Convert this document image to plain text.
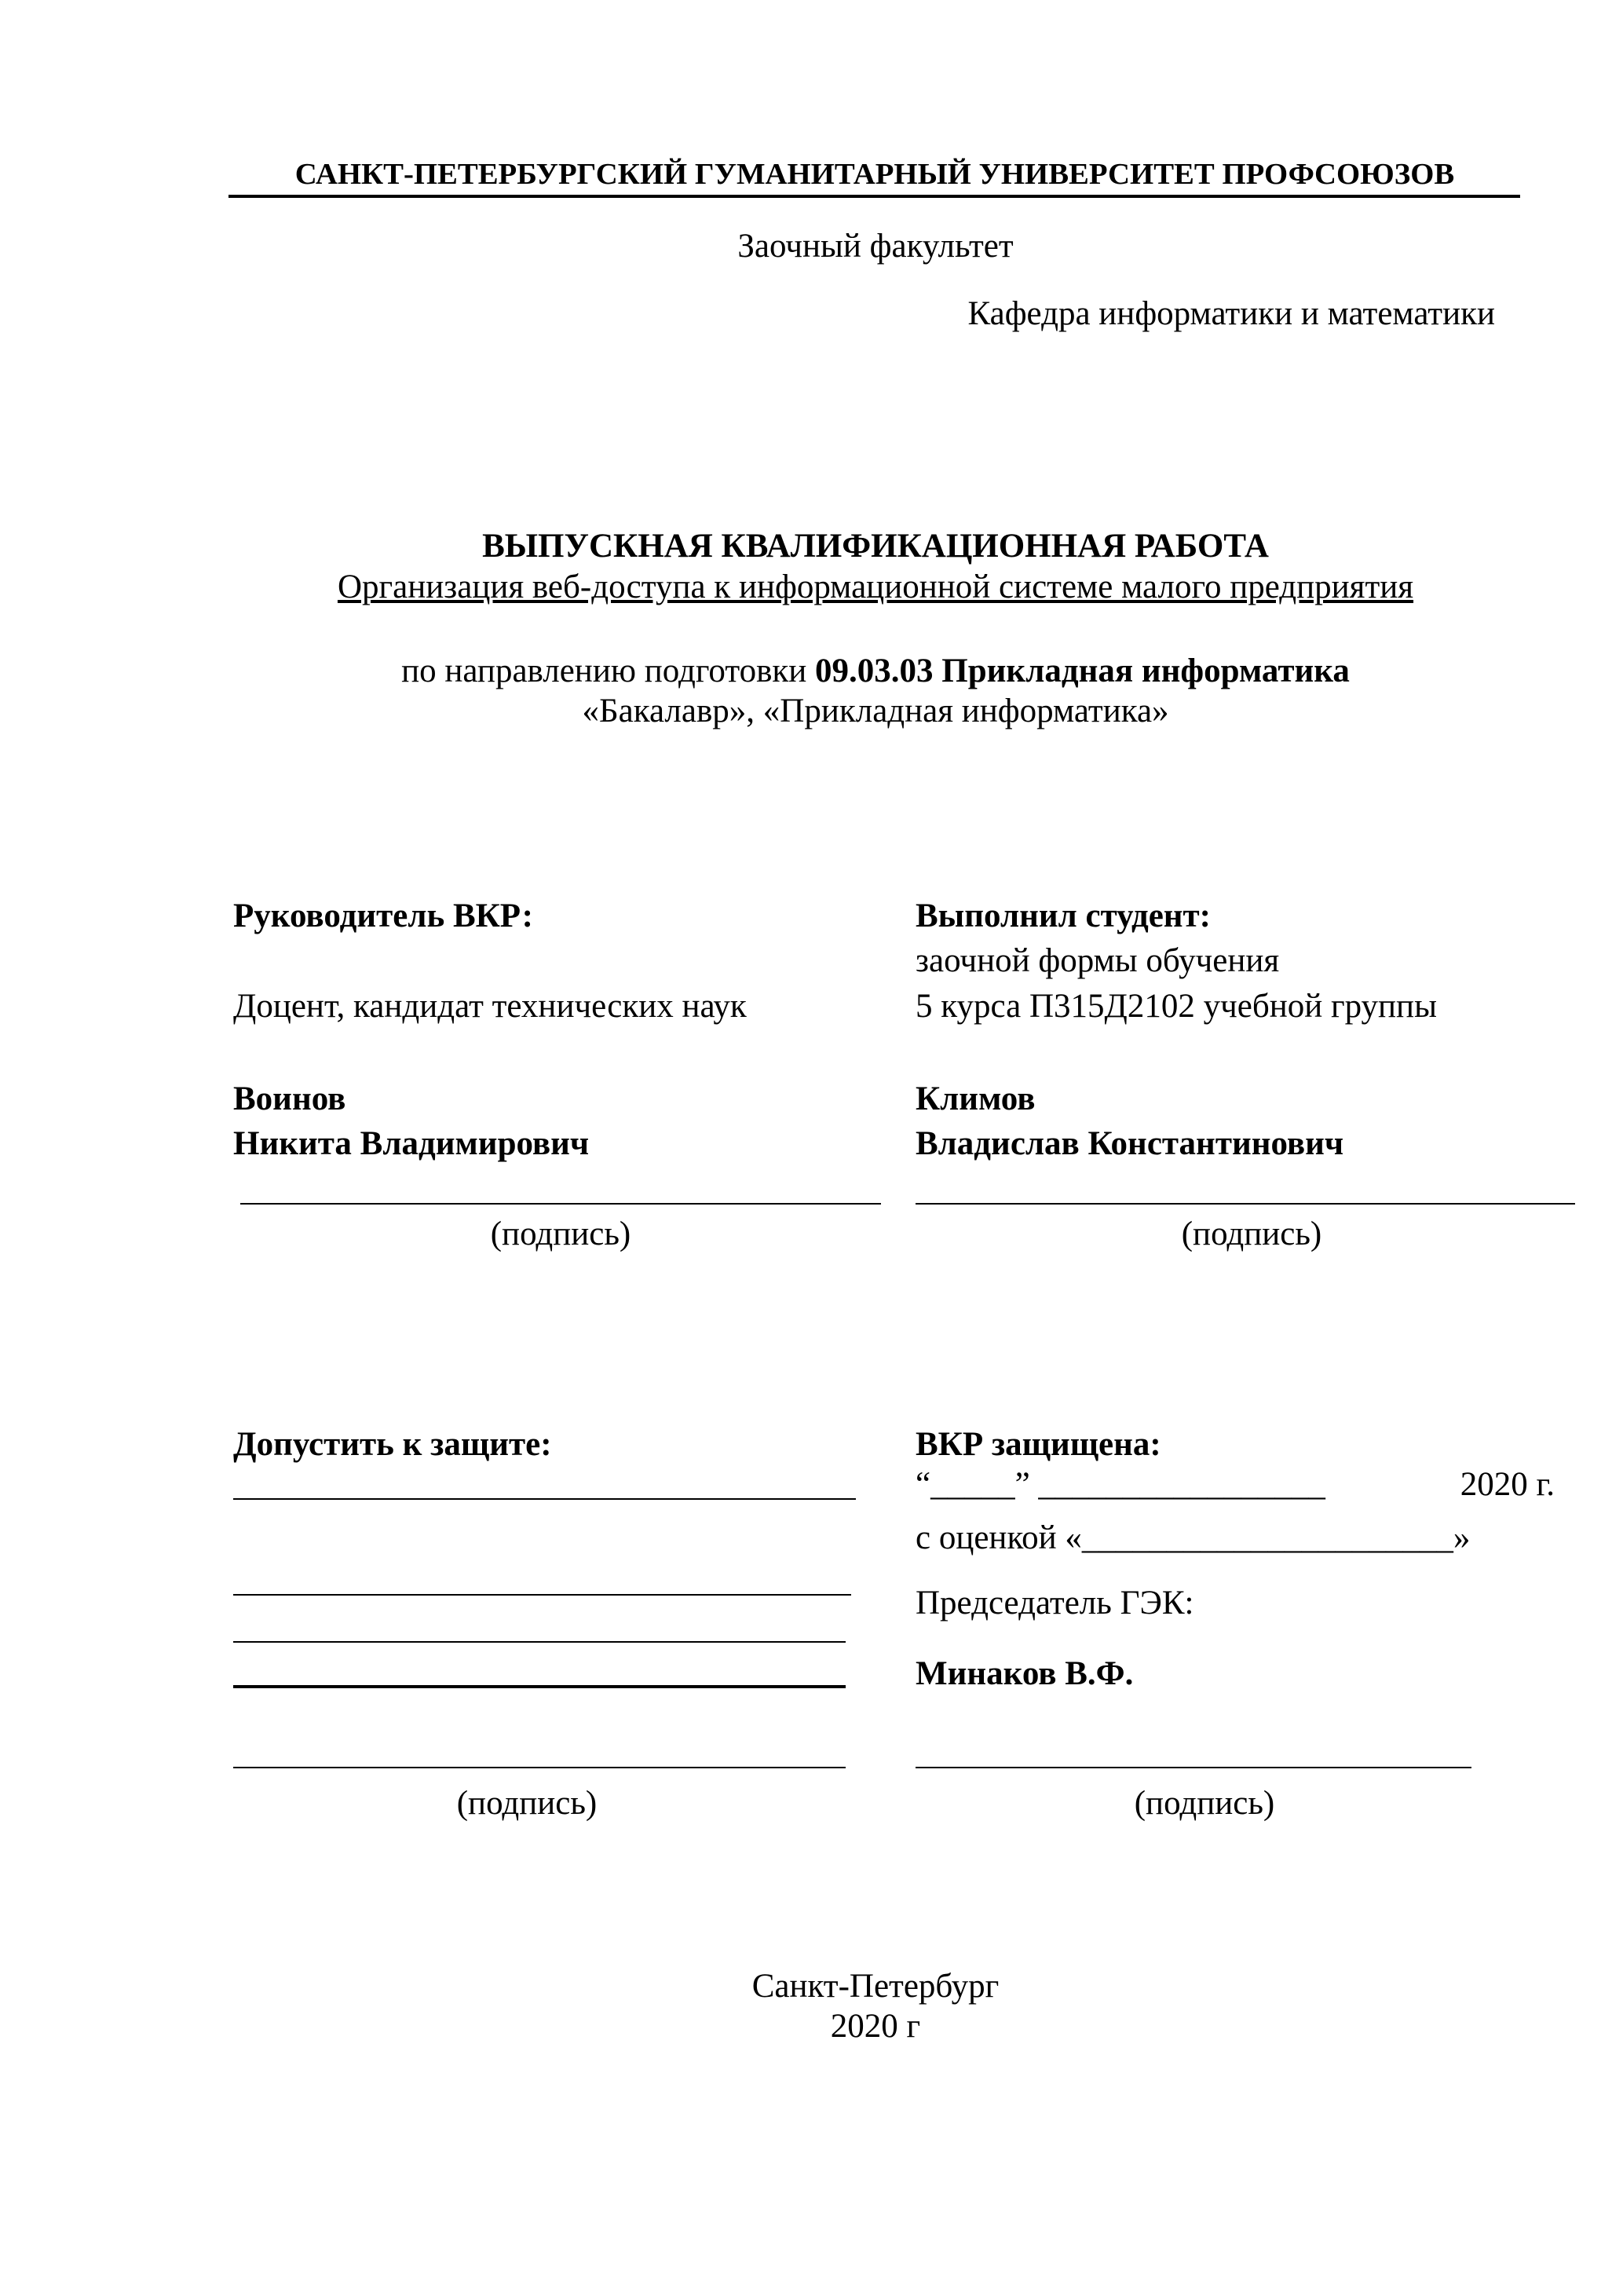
САНКТ-ПЕТЕРБУРГСКИЙ ГУМАНИТАРНЫЙ УНИВЕРСИТЕТ ПРОФСОЮЗОВ
Заочный факультет
Кафедра информатики и математики
ВЫПУСКНАЯ КВАЛИФИКАЦИОННАЯ РАБОТА
Организация веб-доступа к информационной системе малого предприятия
по направлению подготовки 09.03.03 Прикладная информатика
«Бакалавр», «Прикладная информатика»
Руководитель ВКР:
Доцент, кандидат технических наук
Воинов
Никита Владимирович
(подпись)
Выполнил студент:
заочной формы обучения
5 курса П315Д2102 учебной группы
Климов
Владислав Константинович
(подпись)
Допустить к защите:
(подпись)
ВКР защищена:
“_____” _________________	2020 г.
с оценкой «______________________»
Председатель ГЭК:
Минаков В.Ф.
(подпись)
Санкт-Петербург
2020 г
